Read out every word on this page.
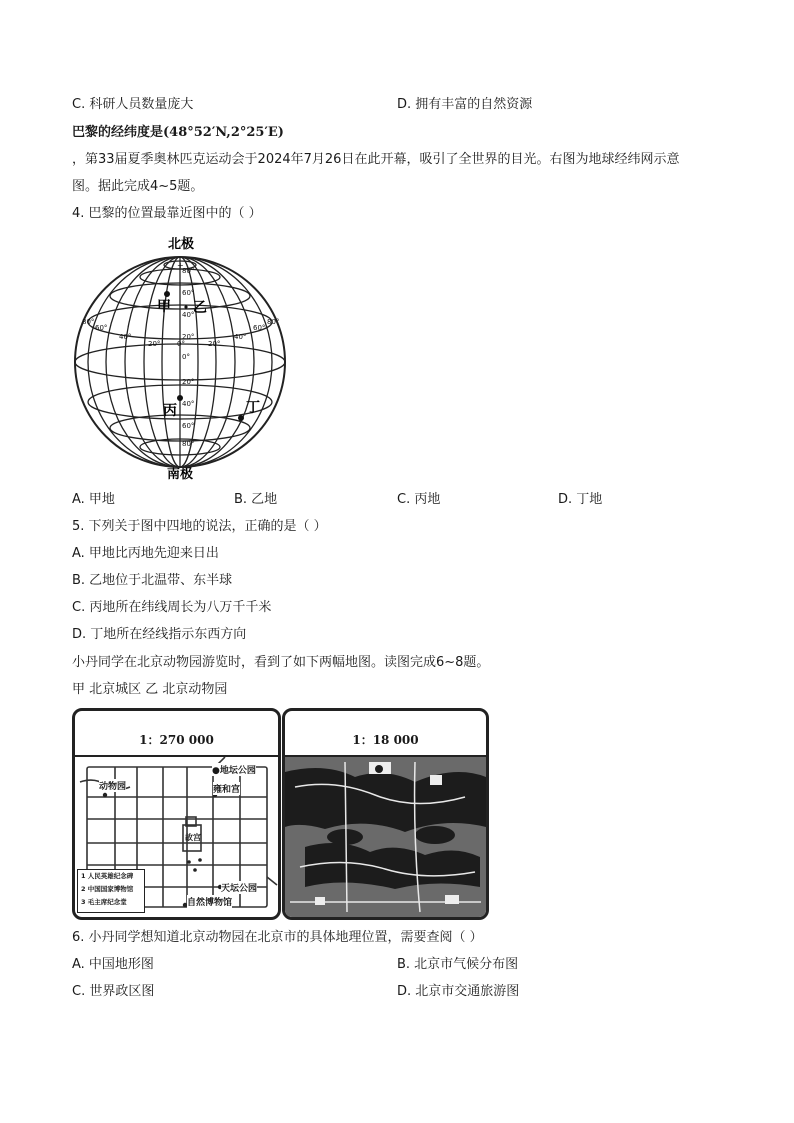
C. 科研人员数量庞大	D. 拥有丰富的自然资源
巴黎的经纬度是(48°52′N,2°25′E)
，第33届夏季奥林匹克运动会于2024年7月26日在此开幕，吸引了全世界的目光。右图为地球经纬网示意
图。据此完成4~5题。
4. 巴黎的位置最靠近图中的（ ）
北极
南极
80°
60°
40°
20°
0°
20°
40°
60°
80°
80°
60°
40°
20° 0°	20°
40°
60°
80°
甲 乙
丙	丁
+
A. 甲地	B. 乙地	C. 丙地	D. 丁地
5. 下列关于图中四地的说法，正确的是（ ）
A. 甲地比丙地先迎来日出
B. 乙地位于北温带、东半球
C. 丙地所在纬线周长为八万千千米
D. 丁地所在经线指示东西方向
小丹同学在北京动物园游览时，看到了如下两幅地图。读图完成6~8题。
甲 北京城区 乙 北京动物园
1：270 000
动物园
●地坛公园
雍和宫
故宫
天坛公园
自然博物馆
1 人民英雄纪念碑
2 中国国家博物馆
3 毛主席纪念堂
1：18 000
6. 小丹同学想知道北京动物园在北京市的具体地理位置，需要查阅（ ）
A. 中国地形图	B. 北京市气候分布图
C. 世界政区图	D. 北京市交通旅游图
